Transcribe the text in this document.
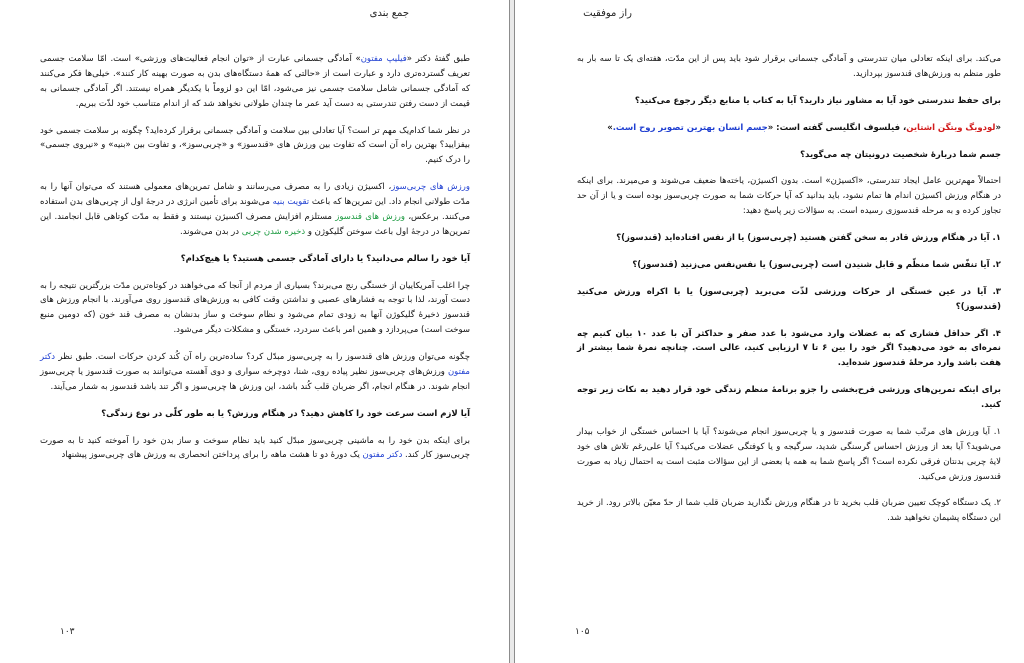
جمع بندی

طبق گفتهٔ دکتر «فیلیپ مفتون» آمادگی جسمانی عبارت از «توان انجام فعالیت‌های ورزشی» است. امّا سلامت جسمی تعریف گسترده‌تری دارد و عبارت است از «حالتی که همهٔ دستگاه‌های بدن به صورت بهینه کار کنند». خیلی‌ها فکر می‌کنند که آمادگی جسمانی شامل سلامت جسمی نیز می‌شود، امّا این دو لزوماً با یکدیگر همراه نیستند. اگر آمادگی جسمانی به قیمت از دست رفتن تندرستی به دست آید عمر ما چندان طولانی نخواهد شد که از اندام متناسب خود لذّت ببریم.

در نظر شما کدام‌یک مهم تر است؟ آیا تعادلی بین سلامت و آمادگی جسمانی برقرار کرده‌اید؟ چگونه بر سلامت جسمی خود بیفزایید؟ بهترین راه آن است که تفاوت بین ورزش های «قندسوز» و «چربی‌سوز»، و تفاوت بین «بنیه» و «نیروی جسمی» را درک کنیم.

ورزش های چربی‌سوز، اکسیژن زیادی را به مصرف می‌رسانند و شامل تمرین‌های معمولی هستند که می‌توان آنها را به مدّت طولانی انجام داد. این تمرین‌ها که باعث تقویت بنیه می‌شوند برای تأمین انرژی در درجهٔ اول از چربی‌های بدن استفاده می‌کنند. برعکس، ورزش های قندسوز مستلزم افزایش مصرف اکسیژن نیستند و فقط به مدّت کوتاهی قابل انجامند. این تمرین‌ها در درجهٔ اول باعث سوختن گلیکوژن و ذخیره شدن چربی در بدن می‌شوند.

آیا خود را سالم می‌دانید؟ یا دارای آمادگی جسمی هستید؟ یا هیچ‌کدام؟

چرا اغلب آمریکاییان از خستگی رنج می‌برند؟ بسیاری از مردم از آنجا که می‌خواهند در کوتاه‌ترین مدّت بزرگترین نتیجه را به دست آورند، لذا با توجه به فشارهای عصبی و نداشتن وقت کافی به ورزش‌های قندسوز روی می‌آورند. با انجام ورزش های قندسوز ذخیرهٔ گلیکوژن آنها به زودی تمام می‌شود و نظام سوخت و ساز بدنشان به مصرف قند خون (که دومین منبع سوخت است) می‌پردازد و همین امر باعث سردرد، خستگی و مشکلات دیگر می‌شود.

چگونه می‌توان ورزش های قندسوز را به چربی‌سوز مبدّل کرد؟ ساده‌ترین راه آن کُند کردن حرکات است. طبق نظر دکتر مفتون ورزش‌های چربی‌سوز نظیر پیاده روی، شنا، دوچرخه سواری و دوی آهسته می‌توانند به صورت قندسوز یا چربی‌سوز انجام شوند. در هنگام انجام، اگر ضربان قلب کُند باشد، این ورزش ها چربی‌سوز و اگر تند باشد قندسوز به شمار می‌آیند.

آیا لازم است سرعت خود را کاهش دهید؟ در هنگام ورزش؟ یا به طور کلّی در نوع زندگی؟

برای اینکه بدن خود را به ماشینی چربی‌سوز مبدّل کنید باید نظام سوخت و ساز بدن خود را آموخته کنید تا به صورت چربی‌سوز کار کند. دکتر مفتون یک دورهٔ دو تا هشت ماهه را برای پرداختن انحصاری به ورزش های چربی‌سوز پیشنهاد

۱۰۳
راز موفقیت

می‌کند. برای اینکه تعادلی میان تندرستی و آمادگی جسمانی برقرار شود باید پس از این مدّت، هفته‌ای یک تا سه بار به طور منظم به ورزش‌های قندسوز بپردازید.

برای حفظ تندرستی خود آیا به مشاور نیاز دارید؟ آیا به کتاب یا منابع دیگر رجوع می‌کنید؟

«لودویگ ویتگن اشتاین، فیلسوف انگلیسی گفته است: «جسم انسان بهترین تصویر روح است.»

جسم شما دربارهٔ شخصیت درونیتان چه می‌گوید؟

احتمالاً مهم‌ترین عامل ایجاد تندرستی، «اکسیژن» است. بدون اکسیژن، یاخته‌ها ضعیف می‌شوند و می‌میرند. برای اینکه در هنگام ورزش اکسیژن اندام ها تمام نشود، باید بدانید که آیا حرکات شما به صورت چربی‌سوز بوده است و یا از آن حد تجاوز کرده و به مرحله قندسوزی رسیده است. به سؤالات زیر پاسخ دهید:

۱. آیا در هنگام ورزش قادر به سخن گفتن هستید (چربی‌سوز) یا از نفس افتاده‌اید (قندسوز)؟

۲. آیا تنفّس شما منظّم و قابل شنیدن است (چربی‌سوز) یا نفس‌نفس می‌زنید (قندسوز)؟

۳. آیا در عین خستگی از حرکات ورزشی لذّت می‌برید (چربی‌سوز) یا با اکراه ورزش می‌کنید (قندسوز)؟

۴. اگر حداقل فشاری که به عضلات وارد می‌شود با عدد صفر و حداکثر آن با عدد ۱۰ بیان کنیم چه نمره‌ای به خود می‌دهید؟ اگر خود را بین ۶ تا ۷ ارزیابی کنید، عالی است. چنانچه نمرهٔ شما بیشتر از هفت باشد وارد مرحلهٔ قندسوز شده‌اید.

برای اینکه تمرین‌های ورزشی فرح‌بخشی را جزو برنامهٔ منظم زندگی خود قرار دهید به نکات زیر توجه کنید.

۱. آیا ورزش های مرتّب شما به صورت قندسوز و یا چربی‌سوز انجام می‌شوند؟ آیا با احساس خستگی از خواب بیدار می‌شوید؟ آیا بعد از ورزش احساس گرسنگی شدید، سرگیجه و یا کوفتگی عضلات می‌کنید؟ آیا علی‌رغم تلاش های خود لایهٔ چربی بدنتان فرقی نکرده است؟ اگر پاسخ شما به همه یا بعضی از این سؤالات مثبت است به احتمال زیاد به صورت قندسوز ورزش می‌کنید.

۲. یک دستگاه کوچک تعیین ضربان قلب بخرید تا در هنگام ورزش نگذارید ضربان قلب شما از حدّ معیّن بالاتر رود. از خرید این دستگاه پشیمان نخواهید شد.

۱۰۵
